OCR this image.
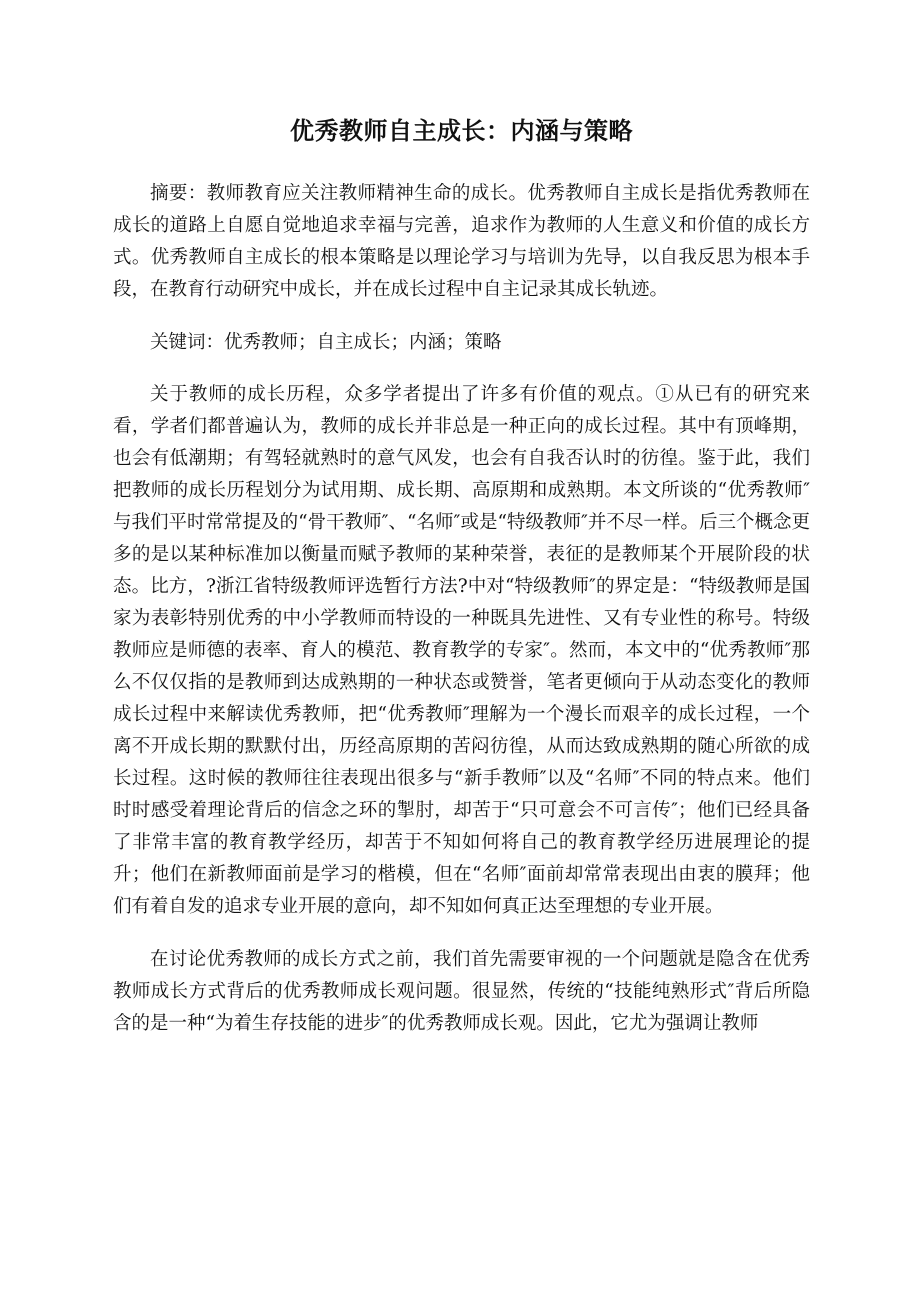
优秀教师自主成长：内涵与策略

摘要：教师教育应关注教师精神生命的成长。优秀教师自主成长是指优秀教师在成长的道路上自愿自觉地追求幸福与完善，追求作为教师的人生意义和价值的成长方式。优秀教师自主成长的根本策略是以理论学习与培训为先导，以自我反思为根本手段，在教育行动研究中成长，并在成长过程中自主记录其成长轨迹。

关键词：优秀教师；自主成长；内涵；策略

关于教师的成长历程，众多学者提出了许多有价值的观点。①从已有的研究来看，学者们都普遍认为，教师的成长并非总是一种正向的成长过程。其中有顶峰期，也会有低潮期；有驾轻就熟时的意气风发，也会有自我否认时的彷徨。鉴于此，我们把教师的成长历程划分为试用期、成长期、高原期和成熟期。本文所谈的“优秀教师″与我们平时常常提及的“骨干教师″、“名师″或是“特级教师″并不尽一样。后三个概念更多的是以某种标准加以衡量而赋予教师的某种荣誉，表征的是教师某个开展阶段的状态。比方，?浙江省特级教师评选暂行方法?中对“特级教师″的界定是：“特级教师是国家为表彰特别优秀的中小学教师而特设的一种既具先进性、又有专业性的称号。特级教师应是师德的表率、育人的模范、教育教学的专家″。然而，本文中的“优秀教师″那么不仅仅指的是教师到达成熟期的一种状态或赞誉，笔者更倾向于从动态变化的教师成长过程中来解读优秀教师，把“优秀教师″理解为一个漫长而艰辛的成长过程，一个离不开成长期的默默付出，历经高原期的苦闷彷徨，从而达致成熟期的随心所欲的成长过程。这时候的教师往往表现出很多与“新手教师″以及“名师″不同的特点来。他们时时感受着理论背后的信念之环的掣肘，却苦于“只可意会不可言传″；他们已经具备了非常丰富的教育教学经历，却苦于不知如何将自己的教育教学经历进展理论的提升；他们在新教师面前是学习的楷模，但在“名师″面前却常常表现出由衷的膜拜；他们有着自发的追求专业开展的意向，却不知如何真正达至理想的专业开展。

在讨论优秀教师的成长方式之前，我们首先需要审视的一个问题就是隐含在优秀教师成长方式背后的优秀教师成长观问题。很显然，传统的“技能纯熟形式″背后所隐含的是一种“为着生存技能的进步″的优秀教师成长观。因此，它尤为强调让教师
